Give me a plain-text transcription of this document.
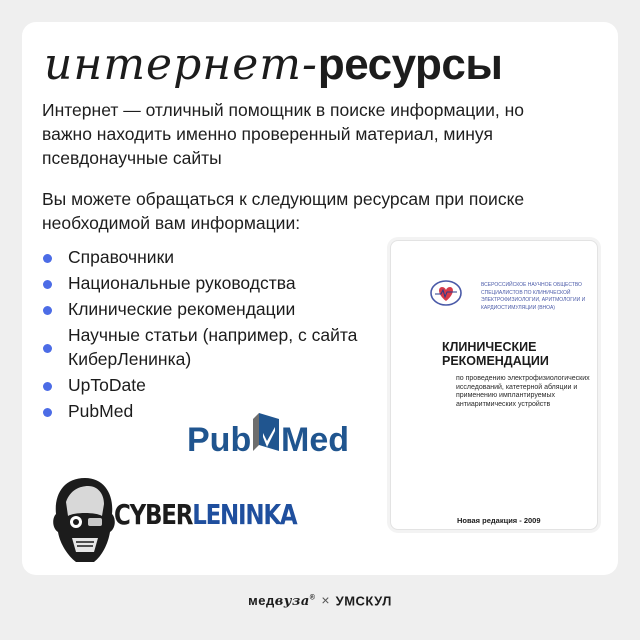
интернет-ресурсы

Интернет — отличный помощник в поиске информации, но важно находить именно проверенный материал, минуя псевдонаучные сайты

Вы можете обращаться к следующим ресурсам при поиске необходимой вам информации:

Справочники
Национальные руководства
Клинические рекомендации
Научные статьи (например, с сайта КиберЛенинка)
UpToDate
PubMed

ВСЕРОССИЙСКОЕ НАУЧНОЕ ОБЩЕСТВО СПЕЦИАЛИСТОВ ПО КЛИНИЧЕСКОЙ ЭЛЕКТРОФИЗИОЛОГИИ, АРИТМОЛОГИИ И КАРДИОСТИМУЛЯЦИИ (ВНОА)

КЛИНИЧЕСКИЕ РЕКОМЕНДАЦИИ

по проведению электрофизиологических исследований, катетерной абляции и применению имплантируемых антиаритмических устройств

Новая редакция - 2009

Pub Med

CYBERLENINKA

медвуза® × УМСКУЛ
